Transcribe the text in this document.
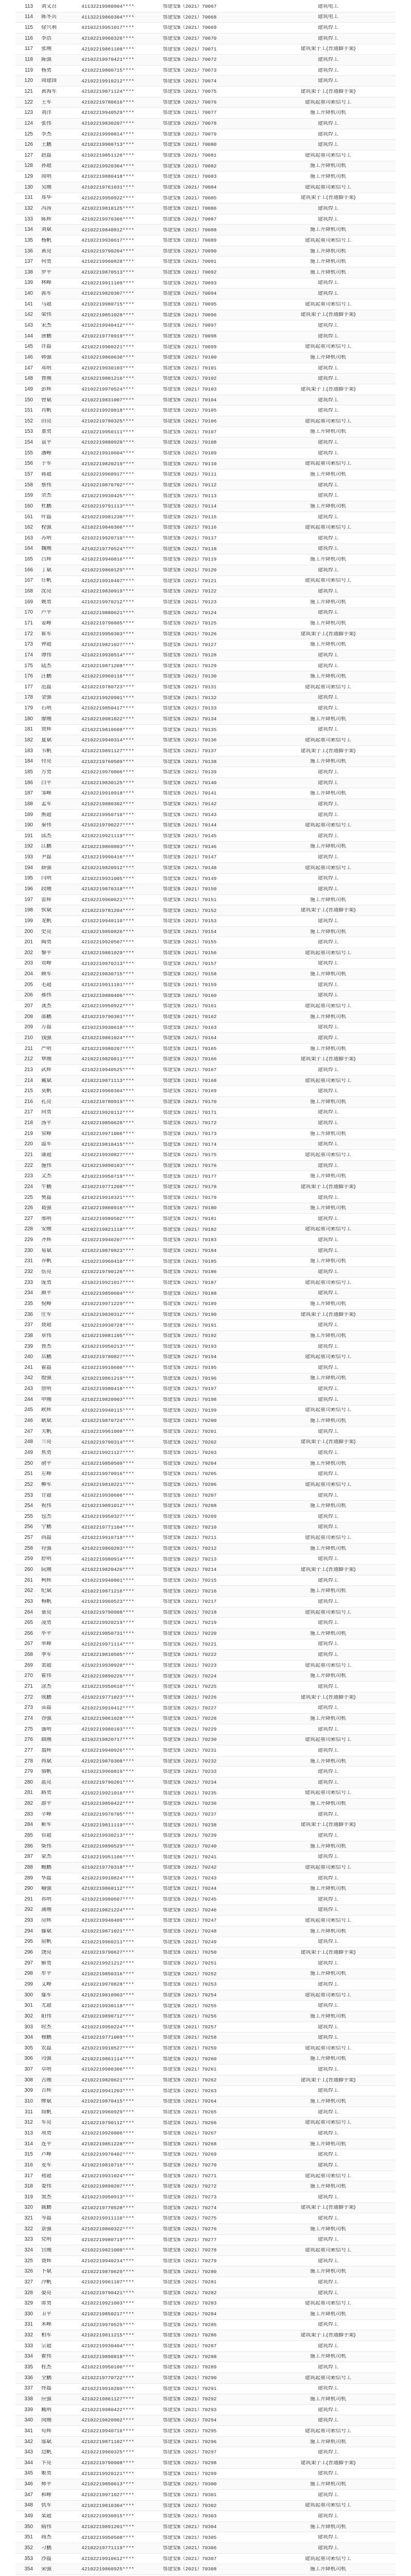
113	刘义召	41132219980904****	鄂建安B（2021）70067	建筑电工
114	陈冬兵	41132219860304****	鄂建安B（2021）70068	建筑电工
115	徐兴利	42102219951017****	鄂建安B（2021）70069	建筑焊工
116	李浩	42102219960326****	鄂建安B（2021）70070	建筑焊工
117	张刚	42102219861108****	鄂建安B（2021）70071	建筑架子工(普通脚手架)
118	陈强	42102219970421****	鄂建安B（2021）70072	建筑焊工
119	杨勇	42102219800715****	鄂建安B（2021）70073	建筑焊工
120	周建国	42102219910212****	鄂建安B（2021）70074	建筑焊工
121	黄海军	42102219871124****	鄂建安B（2021）70075	建筑架子工(普通脚手架)
122	王军	42102219780616****	鄂建安B（2021）70076	建筑起重司索信号工
123	刘洋	42102219940529****	鄂建安B（2021）70077	施工升降机司机
124	张伟	42102219830207****	鄂建安B（2021）70078	建筑焊工
125	李杰	42102219990814****	鄂建安B（2021）70079	建筑焊工
126	王鹏	42102219900713****	鄂建安B（2021）70080	建筑焊工
127	赵磊	42102219851126****	鄂建安B（2021）70081	建筑起重司索信号工
128	孙超	42102219920304****	鄂建安B（2021）70082	施工升降机司机
129	周明	42102219880418****	鄂建安B（2021）70083	施工升降机司机
130	吴刚	42102219761031****	鄂建安B（2021）70084	建筑起重司索信号工
131	郑华	42102219950922****	鄂建安B（2021）70085	建筑架子工(普通脚手架)
132	冯涛	42102219810125****	鄂建安B（2021）70086	建筑焊工
133	陈辉	42102219970306****	鄂建安B（2021）70087	建筑焊工
134	刘斌	42102219840812****	鄂建安B（2021）70088	施工升降机司机
135	杨帆	42102219930617****	鄂建安B（2021）70089	建筑起重司索信号工
136	黄亮	42102219790204****	鄂建安B（2021）70090	施工升降机司机
137	何勇	42102219960828****	鄂建安B（2021）70091	施工升降机司机
138	罗平	42102219870513****	鄂建安B（2021）70092	施工升降机司机
139	林峰	42102219911109****	鄂建安B（2021）70093	建筑焊工
140	郭军	42102219820307****	鄂建安B（2021）70094	建筑焊工
141	马超	42102219980715****	鄂建安B（2021）70095	建筑起重司索信号工
142	梁伟	42102219851028****	鄂建安B（2021）70096	建筑架子工(普通脚手架)
143	宋杰	42102219940412****	鄂建安B（2021）70097	建筑焊工
144	唐鹏	42102219770919****	鄂建安B（2021）70098	建筑焊工
145	许磊	42102219900221****	鄂建安B（2021）70099	建筑起重司索信号工
146	韩强	42102219860630****	鄂建安B（2021）70100	施工升降机司机
147	邓明	42102219930103****	鄂建安B（2021）70101	建筑焊工
148	曹刚	42102219801216****	鄂建安B（2021）70102	建筑焊工
149	彭辉	42102219970524****	鄂建安B（2021）70103	建筑架子工(普通脚手架)
150	曾斌	42102219831007****	鄂建安B（2021）70104	建筑焊工
151	肖帆	42102219920818****	鄂建安B（2021）70105	建筑焊工
152	田亮	42102219780325****	鄂建安B（2021）70106	建筑起重司索信号工
153	董勇	42102219950111****	鄂建安B（2021）70107	施工升降机司机
154	袁平	42102219880928****	鄂建安B（2021）70108	建筑焊工
155	潘峰	42102219910604****	鄂建安B（2021）70109	建筑焊工
156	于军	42102219820219****	鄂建安B（2021）70110	建筑起重司索信号工
157	蒋超	42102219960917****	鄂建安B（2021）70111	施工升降机司机
158	蔡伟	42102219870702****	鄂建安B（2021）70112	建筑焊工
159	余杰	42102219930425****	鄂建安B（2021）70113	建筑焊工
160	杜鹏	42102219791113****	鄂建安B（2021）70114	施工升降机司机
161	叶磊	42102219981230****	鄂建安B（2021）70115	建筑焊工
162	程强	42102219840306****	鄂建安B（2021）70116	建筑起重司索信号工
163	苏明	42102219920710****	鄂建安B（2021）70117	建筑焊工
164	魏刚	42102219770524****	鄂建安B（2021）70118	建筑焊工
165	吕辉	42102219940816****	鄂建安B（2021）70119	施工升降机司机
166	丁斌	42102219860129****	鄂建安B（2021）70120	建筑焊工
167	任帆	42102219910407****	鄂建安B（2021）70121	建筑起重司索信号工
168	沈亮	42102219830919****	鄂建安B（2021）70122	建筑焊工
169	姚勇	42102219970212****	鄂建安B（2021）70123	施工升降机司机
170	卢平	42102219880621****	鄂建安B（2021）70124	建筑焊工
171	姜峰	42102219790805****	鄂建安B（2021）70125	施工升降机司机
172	崔军	42102219950303****	鄂建安B（2021）70126	建筑架子工(普通脚手架)
173	钟超	42102219821027****	鄂建安B（2021）70127	施工升降机司机
174	谭伟	42102219930514****	鄂建安B（2021）70128	建筑焊工
175	陆杰	42102219871208****	鄂建安B（2021）70129	建筑焊工
176	汪鹏	42102219960116****	鄂建安B（2021）70130	施工升降机司机
177	范磊	42102219780723****	鄂建安B（2021）70131	建筑起重司索信号工
178	金强	42102219920901****	鄂建安B（2021）70132	建筑焊工
179	石明	42102219850417****	鄂建安B（2021）70133	建筑焊工
180	廖刚	42102219981022****	鄂建安B（2021）70134	施工升降机司机
181	贾辉	42102219810608****	鄂建安B（2021）70135	建筑焊工
182	夏斌	42102219940314****	鄂建安B（2021）70136	建筑起重司索信号工
183	韦帆	42102219891127****	鄂建安B（2021）70137	建筑架子工(普通脚手架)
184	付亮	42102219760509****	鄂建安B（2021）70138	施工升降机司机
185	方勇	42102219970806****	鄂建安B（2021）70139	建筑焊工
186	白平	42102219830125****	鄂建安B（2021）70140	建筑焊工
187	邹峰	42102219910918****	鄂建安B（2021）70141	施工升降机司机
188	孟军	42102219880302****	鄂建安B（2021）70142	建筑焊工
189	熊超	42102219950710****	鄂建安B（2021）70143	建筑焊工
190	秦伟	42102219790227****	鄂建安B（2021）70144	建筑起重司索信号工
191	邱杰	42102219921119****	鄂建安B（2021）70145	建筑焊工
192	江鹏	42102219860803****	鄂建安B（2021）70146	施工升降机司机
193	尹磊	42102219990416****	鄂建安B（2021）70147	建筑焊工
194	薛强	42102219820912****	鄂建安B（2021）70148	建筑起重司索信号工
195	闫明	42102219931005****	鄂建安B（2021）70149	建筑焊工
196	段刚	42102219870318****	鄂建安B（2021）70150	建筑焊工
197	雷辉	42102219960621****	鄂建安B（2021）70151	施工升降机司机
198	侯斌	42102219781204****	鄂建安B（2021）70152	建筑架子工(普通脚手架)
199	龙帆	42102219940110****	鄂建安B（2021）70153	建筑焊工
200	史亮	42102219850826****	鄂建安B（2021）70154	施工升降机司机
201	陶勇	42102219920507****	鄂建安B（2021）70155	建筑焊工
202	黎平	42102219801029****	鄂建安B（2021）70156	建筑起重司索信号工
203	贺峰	42102219970213****	鄂建安B（2021）70157	建筑焊工
204	顾军	42102219830715****	鄂建安B（2021）70158	施工升降机司机
205	毛超	42102219911101****	鄂建安B（2021）70159	建筑焊工
206	郝伟	42102219880406****	鄂建安B（2021）70160	建筑焊工
207	龚杰	42102219950922****	鄂建安B（2021）70161	建筑起重司索信号工
208	邵鹏	42102219790301****	鄂建安B（2021）70162	施工升降机司机
209	万磊	42102219930618****	鄂建安B（2021）70163	建筑焊工
210	钱强	42102219861024****	鄂建安B（2021）70164	建筑焊工
211	严明	42102219980207****	鄂建安B（2021）70165	施工升降机司机
212	覃刚	42102219820811****	鄂建安B（2021）70166	建筑架子工(普通脚手架)
213	武辉	42102219940525****	鄂建安B（2021）70167	建筑焊工
214	戴斌	42102219871113****	鄂建安B（2021）70168	建筑起重司索信号工
215	莫帆	42102219960304****	鄂建安B（2021）70169	建筑焊工
216	孔亮	42102219780919****	鄂建安B（2021）70170	施工升降机司机
217	向勇	42102219920112****	鄂建安B（2021）70171	建筑焊工
218	汤平	42102219850628****	鄂建安B（2021）70172	建筑焊工
219	常峰	42102219971006****	鄂建安B（2021）70173	施工升降机司机
220	温军	42102219810415****	鄂建安B（2021）70174	建筑焊工
221	康超	42102219930827****	鄂建安B（2021）70175	建筑起重司索信号工
222	施伟	42102219890103****	鄂建安B（2021）70176	建筑焊工
223	文杰	42102219950719****	鄂建安B（2021）70177	施工升降机司机
224	牛鹏	42102219771208****	鄂建安B（2021）70178	建筑架子工(普通脚手架)
225	樊磊	42102219910321****	鄂建安B（2021）70179	建筑焊工
226	葛强	42102219860916****	鄂建安B（2021）70180	施工升降机司机
227	邢明	42102219980502****	鄂建安B（2021）70181	建筑焊工
228	安刚	42102219821118****	鄂建安B（2021）70182	建筑起重司索信号工
229	齐辉	42102219940207****	鄂建安B（2021）70183	建筑焊工
230	易斌	42102219870823****	鄂建安B（2021）70184	建筑焊工
231	乔帆	42102219960410****	鄂建安B（2021）70185	施工升降机司机
232	伍亮	42102219790126****	鄂建安B（2021）70186	建筑焊工
233	庞勇	42102219921017****	鄂建安B（2021）70187	建筑起重司索信号工
234	颜平	42102219850604****	鄂建安B（2021）70188	建筑焊工
235	倪峰	42102219971229****	鄂建安B（2021）70189	施工升降机司机
236	庄军	42102219830312****	鄂建安B（2021）70190	建筑架子工(普通脚手架)
237	聂超	42102219930728****	鄂建安B（2021）70191	建筑焊工
238	章伟	42102219881105****	鄂建安B（2021）70192	施工升降机司机
239	鲁杰	42102219950213****	鄂建安B（2021）70193	建筑焊工
240	岳鹏	42102219780827****	鄂建安B（2021）70194	建筑起重司索信号工
241	翟磊	42102219910606****	鄂建安B（2021）70195	建筑焊工
242	殷强	42102219861219****	鄂建安B（2021）70196	施工升降机司机
243	詹明	42102219980418****	鄂建安B（2021）70197	建筑焊工
244	申刚	42102219820903****	鄂建安B（2021）70198	建筑焊工
245	欧辉	42102219940115****	鄂建安B（2021）70199	建筑起重司索信号工
246	耿斌	42102219870724****	鄂建安B（2021）70200	施工升降机司机
247	关帆	42102219961008****	鄂建安B（2021）70201	建筑焊工
248	兰亮	42102219790314****	鄂建安B（2021）70202	建筑架子工(普通脚手架)
249	焦勇	42102219921127****	鄂建安B（2021）70203	建筑焊工
250	俞平	42102219850509****	鄂建安B（2021）70204	施工升降机司机
251	左峰	42102219970916****	鄂建安B（2021）70205	建筑焊工
252	柳军	42102219810221****	鄂建安B（2021）70206	建筑起重司索信号工
253	甘超	42102219930606****	鄂建安B（2021）70207	建筑焊工
254	祝伟	42102219891012****	鄂建安B（2021）70208	施工升降机司机
255	包杰	42102219950327****	鄂建安B（2021）70209	建筑焊工
256	宁鹏	42102219771104****	鄂建安B（2021）70210	建筑焊工
257	尚磊	42102219910718****	鄂建安B（2021）70211	建筑起重司索信号工
258	符强	42102219860203****	鄂建安B（2021）70212	施工升降机司机
259	舒明	42102219980914****	鄂建安B（2021）70213	建筑焊工
260	阮刚	42102219820426****	鄂建安B（2021）70214	建筑架子工(普通脚手架)
261	柯辉	42102219940801****	鄂建安B（2021）70215	建筑焊工
262	纪斌	42102219871216****	鄂建安B（2021）70216	施工升降机司机
263	梅帆	42102219960523****	鄂建安B（2021）70217	建筑焊工
264	童亮	42102219790908****	鄂建安B（2021）70218	建筑起重司索信号工
265	凌勇	42102219920219****	鄂建安B（2021）70219	建筑焊工
266	毕平	42102219850731****	鄂建安B（2021）70220	施工升降机司机
267	单峰	42102219971114****	鄂建安B（2021）70221	建筑焊工
268	季军	42102219810505****	鄂建安B（2021）70222	建筑焊工
269	裴超	42102219930920****	鄂建安B（2021）70223	建筑起重司索信号工
270	霍伟	42102219890226****	鄂建安B（2021）70224	施工升降机司机
271	涂杰	42102219950610****	鄂建安B（2021）70225	建筑焊工
272	成鹏	42102219771023****	鄂建安B（2021）70226	建筑架子工(普通脚手架)
273	苗磊	42102219910412****	鄂建安B（2021）70227	建筑焊工
274	谷强	42102219861028****	鄂建安B（2021）70228	施工升降机司机
275	盛明	42102219980103****	鄂建安B（2021）70229	建筑焊工
276	曲刚	42102219820717****	鄂建安B（2021）70230	建筑起重司索信号工
277	翁辉	42102219940926****	鄂建安B（2021）70231	建筑焊工
278	冉斌	42102219870308****	鄂建安B（2021）70232	施工升降机司机
279	骆帆	42102219960819****	鄂建安B（2021）70233	建筑焊工
280	蓝亮	42102219790201****	鄂建安B（2021）70234	建筑焊工
281	路勇	42102219921016****	鄂建安B（2021）70235	建筑起重司索信号工
282	游平	42102219850422****	鄂建安B（2021）70236	施工升降机司机
283	辛峰	42102219970705****	鄂建安B（2021）70237	建筑焊工
284	靳军	42102219811119****	鄂建安B（2021）70238	建筑架子工(普通脚手架)
285	管超	42102219930213****	鄂建安B（2021）70239	建筑焊工
286	柴伟	42102219890529****	鄂建安B（2021）70240	施工升降机司机
287	蒙杰	42102219951106****	鄂建安B（2021）70241	建筑焊工
288	鲍鹏	42102219770318****	鄂建安B（2021）70242	建筑起重司索信号工
289	华磊	42102219910824****	鄂建安B（2021）70243	建筑焊工
290	喻强	42102219860112****	鄂建安B（2021）70244	施工升降机司机
291	祁明	42102219980607****	鄂建安B（2021）70245	建筑焊工
292	蒲刚	42102219821224****	鄂建安B（2021）70246	建筑焊工
293	房辉	42102219940409****	鄂建安B（2021）70247	建筑起重司索信号工
294	滕斌	42102219871021****	鄂建安B（2021）70248	施工升降机司机
295	屈帆	42102219960211****	鄂建安B（2021）70249	建筑焊工
296	饶亮	42102219790627****	鄂建安B（2021）70250	建筑架子工(普通脚手架)
297	解勇	42102219921212****	鄂建安B（2021）70251	建筑焊工
298	牟平	42102219850316****	鄂建安B（2021）70252	施工升降机司机
299	艾峰	42102219970828****	鄂建安B（2021）70253	建筑焊工
300	鄢军	42102219810903****	鄂建安B（2021）70254	建筑起重司索信号工
301	尤超	42102219930118****	鄂建安B（2021）70255	建筑焊工
302	阳伟	42102219890712****	鄂建安B（2021）70256	施工升降机司机
303	时杰	42102219950224****	鄂建安B（2021）70257	建筑焊工
304	穆鹏	42102219771009****	鄂建安B（2021）70258	建筑焊工
305	农磊	42102219910527****	鄂建安B（2021）70259	建筑起重司索信号工
306	司强	42102219861114****	鄂建安B（2021）70260	施工升降机司机
307	卓明	42102219980306****	鄂建安B（2021）70261	建筑焊工
308	古刚	42102219820621****	鄂建安B（2021）70262	建筑架子工(普通脚手架)
309	吉辉	42102219941203****	鄂建安B（2021）70263	建筑焊工
310	缪斌	42102219870415****	鄂建安B（2021）70264	施工升降机司机
311	简帆	42102219960929****	鄂建安B（2021）70265	建筑焊工
312	车亮	42102219790112****	鄂建安B（2021）70266	建筑起重司索信号工
313	项勇	42102219920806****	鄂建安B（2021）70267	建筑焊工
314	连平	42102219851228****	鄂建安B（2021）70268	施工升降机司机
315	芦峰	42102219970402****	鄂建安B（2021）70269	建筑焊工
316	麦军	42102219810716****	鄂建安B（2021）70270	建筑焊工
317	褚超	42102219931024****	鄂建安B（2021）70271	建筑起重司索信号工
318	娄伟	42102219890207****	鄂建安B（2021）70272	施工升降机司机
319	窦杰	42102219950913****	鄂建安B（2021）70273	建筑焊工
320	戚鹏	42102219770528****	鄂建安B（2021）70274	建筑架子工(普通脚手架)
321	岑磊	42102219911110****	鄂建安B（2021）70275	建筑焊工
322	景强	42102219860322****	鄂建安B（2021）70276	施工升降机司机
323	党明	42102219980719****	鄂建安B（2021）70277	建筑焊工
324	宫刚	42102219821008****	鄂建安B（2021）70278	建筑起重司索信号工
325	费辉	42102219940214****	鄂建安B（2021）70279	建筑焊工
326	卜斌	42102219870629****	鄂建安B（2021）70280	施工升降机司机
327	冷帆	42102219961107****	鄂建安B（2021）70281	建筑焊工
328	晏亮	42102219790421****	鄂建安B（2021）70282	建筑焊工
329	席勇	42102219921003****	鄂建安B（2021）70283	建筑起重司索信号工
330	卫平	42102219850217****	鄂建安B（2021）70284	施工升降机司机
331	米峰	42102219970525****	鄂建安B（2021）70285	建筑焊工
332	柏军	42102219811215****	鄂建安B（2021）70286	建筑架子工(普通脚手架)
333	宗超	42102219930404****	鄂建安B（2021）70287	建筑焊工
334	瞿伟	42102219890818****	鄂建安B（2021）70288	施工升降机司机
335	桂杰	42102219950106****	鄂建安B（2021）70289	建筑焊工
336	全鹏	42102219770722****	鄂建安B（2021）70290	建筑起重司索信号工
337	佟磊	42102219910209****	鄂建安B（2021）70291	建筑焊工
338	应强	42102219861127****	鄂建安B（2021）70292	施工升降机司机
339	臧明	42102219980422****	鄂建安B（2021）70293	建筑焊工
340	闵刚	42102219820902****	鄂建安B（2021）70294	建筑焊工
341	苟辉	42102219940716****	鄂建安B（2021）70295	建筑起重司索信号工
342	邬斌	42102219871102****	鄂建安B（2021）70296	施工升降机司机
343	边帆	42102219960325****	鄂建安B（2021）70297	建筑焊工
344	卞亮	42102219790908****	鄂建安B（2021）70298	建筑架子工(普通脚手架)
345	姬勇	42102219920121****	鄂建安B（2021）70299	建筑焊工
346	师平	42102219850613****	鄂建安B（2021）70300	施工升降机司机
347	和峰	42102219971027****	鄂建安B（2021）70301	建筑焊工
348	仇军	42102219810304****	鄂建安B（2021）70302	建筑起重司索信号工
349	栾超	42102219930815****	鄂建安B（2021）70303	建筑焊工
350	隋伟	42102219891201****	鄂建安B（2021）70304	施工升降机司机
351	商杰	42102219950508****	鄂建安B（2021）70305	建筑焊工
352	刁鹏	42102219771119****	鄂建安B（2021）70306	建筑焊工
353	沙磊	42102219910612****	鄂建安B（2021）70307	建筑起重司索信号工
354	荣强	42102219860925****	鄂建安B（2021）70308	施工升降机司机
